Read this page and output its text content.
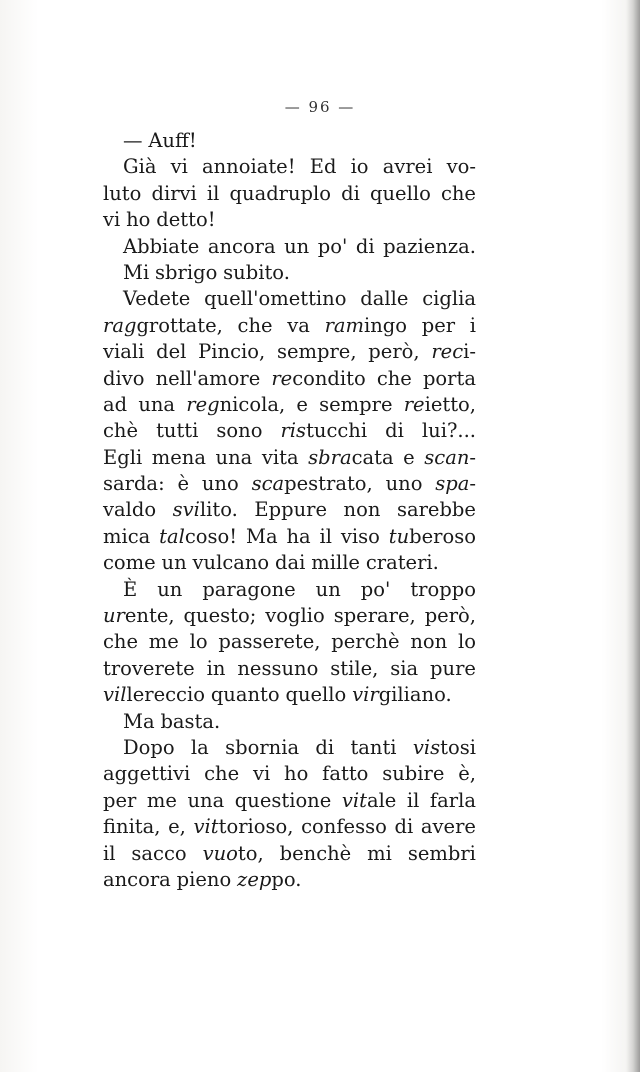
— 96 —
— Auff!
Già vi annoiate! Ed io avrei vo-
luto dirvi il quadruplo di quello che
vi ho detto!
Abbiate ancora un po' di pazienza.
Mi sbrigo subito.
Vedete quell'omettino dalle ciglia
raggrottate, che va ramingo per i
viali del Pincio, sempre, però, reci-
divo nell'amore recondito che porta
ad una regnicola, e sempre reietto,
chè tutti sono ristucchi di lui?...
Egli mena una vita sbracata e scan-
sarda: è uno scapestrato, uno spa-
valdo svilito. Eppure non sarebbe
mica talcoso! Ma ha il viso tuberoso
come un vulcano dai mille crateri.
È un paragone un po' troppo
urente, questo; voglio sperare, però,
che me lo passerete, perchè non lo
troverete in nessuno stile, sia pure
villereccio quanto quello virgiliano.
Ma basta.
Dopo la sbornia di tanti vistosi
aggettivi che vi ho fatto subire è,
per me una questione vitale il farla
finita, e, vittorioso, confesso di avere
il sacco vuoto, benchè mi sembri
ancora pieno zeppo.
